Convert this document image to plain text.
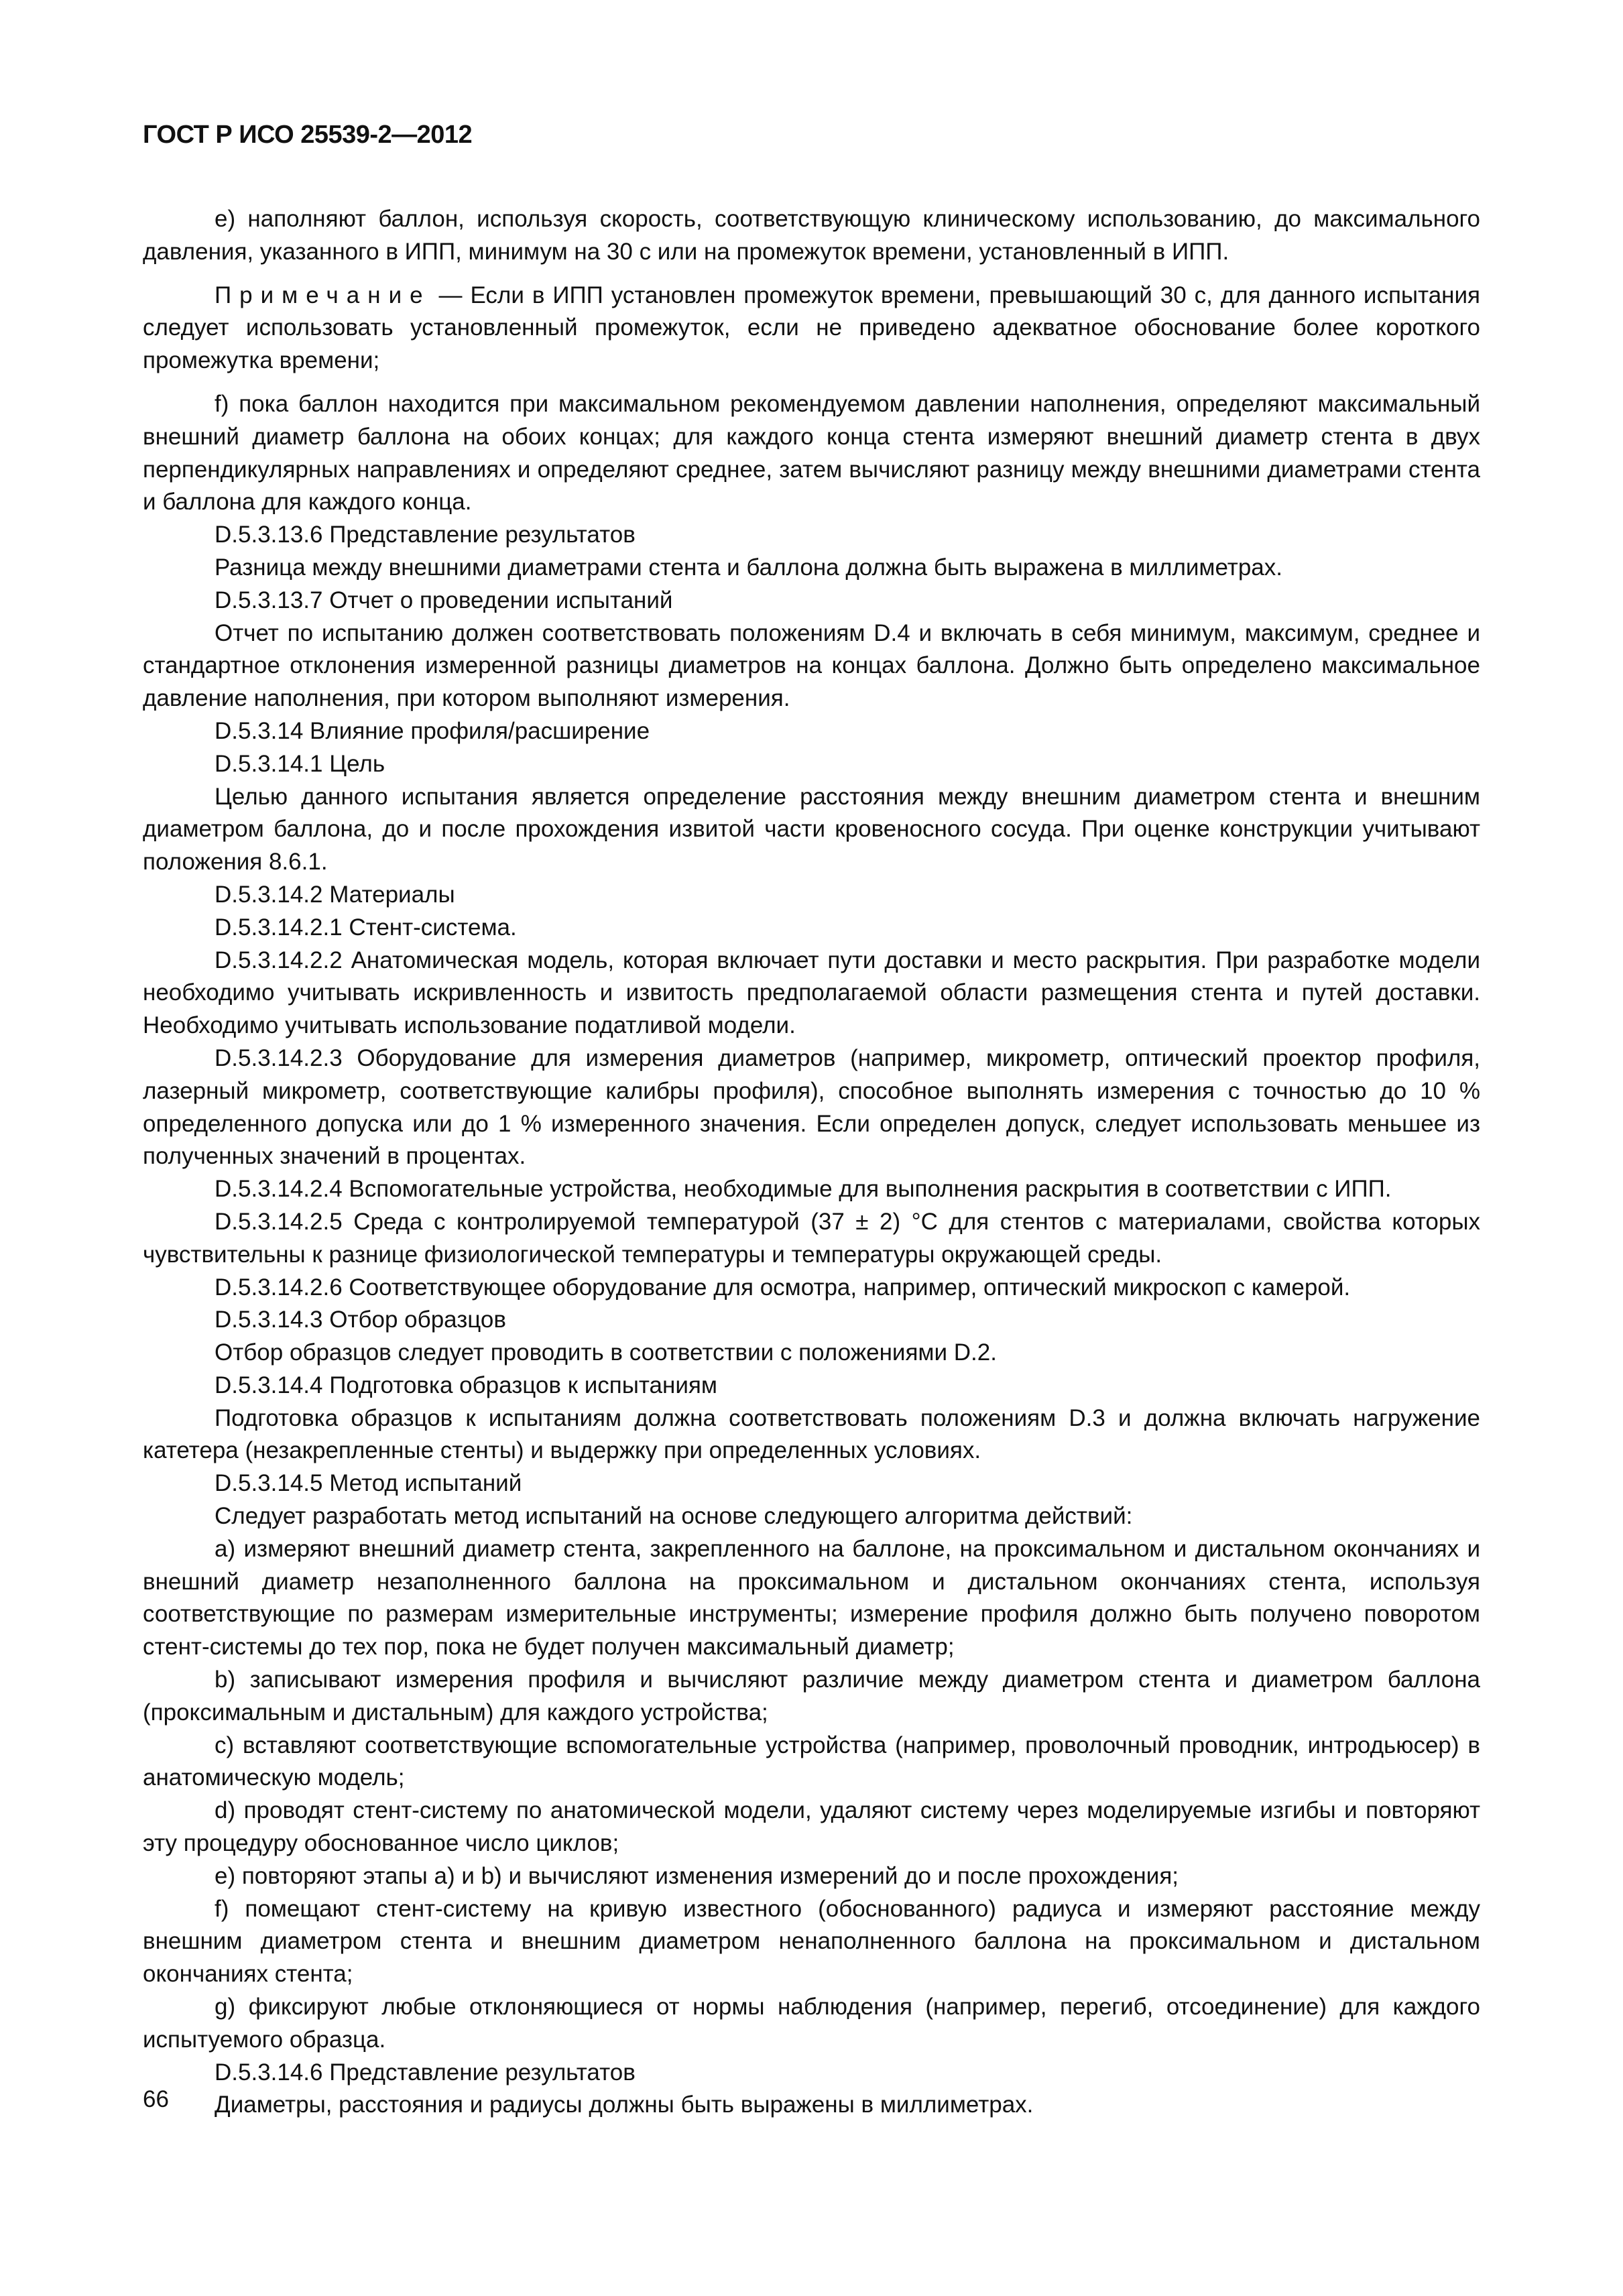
ГОСТ Р ИСО 25539-2—2012

е) наполняют баллон, используя скорость, соответствующую клиническому использованию, до максимального давления, указанного в ИПП, минимум на 30 с или на промежуток времени, установленный в ИПП.

Примечание — Если в ИПП установлен промежуток времени, превышающий 30 с, для данного испытания следует использовать установленный промежуток, если не приведено адекватное обоснование более короткого промежутка времени;

f) пока баллон находится при максимальном рекомендуемом давлении наполнения, определяют максимальный внешний диаметр баллона на обоих концах; для каждого конца стента измеряют внешний диаметр стента в двух перпендикулярных направлениях и определяют среднее, затем вычисляют разницу между внешними диаметрами стента и баллона для каждого конца.

D.5.3.13.6 Представление результатов

Разница между внешними диаметрами стента и баллона должна быть выражена в миллиметрах.

D.5.3.13.7 Отчет о проведении испытаний

Отчет по испытанию должен соответствовать положениям D.4 и включать в себя минимум, максимум, среднее и стандартное отклонения измеренной разницы диаметров на концах баллона. Должно быть определено максимальное давление наполнения, при котором выполняют измерения.

D.5.3.14 Влияние профиля/расширение

D.5.3.14.1 Цель

Целью данного испытания является определение расстояния между внешним диаметром стента и внешним диаметром баллона, до и после прохождения извитой части кровеносного сосуда. При оценке конструкции учитывают положения 8.6.1.

D.5.3.14.2 Материалы

D.5.3.14.2.1 Стент-система.

D.5.3.14.2.2 Анатомическая модель, которая включает пути доставки и место раскрытия. При разработке модели необходимо учитывать искривленность и извитость предполагаемой области размещения стента и путей доставки. Необходимо учитывать использование податливой модели.

D.5.3.14.2.3 Оборудование для измерения диаметров (например, микрометр, оптический проектор профиля, лазерный микрометр, соответствующие калибры профиля), способное выполнять измерения с точностью до 10 % определенного допуска или до 1 % измеренного значения. Если определен допуск, следует использовать меньшее из полученных значений в процентах.

D.5.3.14.2.4 Вспомогательные устройства, необходимые для выполнения раскрытия в соответствии с ИПП.

D.5.3.14.2.5 Среда с контролируемой температурой (37 ± 2) °С для стентов с материалами, свойства которых чувствительны к разнице физиологической температуры и температуры окружающей среды.

D.5.3.14.2.6 Соответствующее оборудование для осмотра, например, оптический микроскоп с камерой.

D.5.3.14.3 Отбор образцов

Отбор образцов следует проводить в соответствии с положениями D.2.

D.5.3.14.4 Подготовка образцов к испытаниям

Подготовка образцов к испытаниям должна соответствовать положениям D.3 и должна включать нагружение катетера (незакрепленные стенты) и выдержку при определенных условиях.

D.5.3.14.5 Метод испытаний

Следует разработать метод испытаний на основе следующего алгоритма действий:

а) измеряют внешний диаметр стента, закрепленного на баллоне, на проксимальном и дистальном окончаниях и внешний диаметр незаполненного баллона на проксимальном и дистальном окончаниях стента, используя соответствующие по размерам измерительные инструменты; измерение профиля должно быть получено поворотом стент-системы до тех пор, пока не будет получен максимальный диаметр;

b) записывают измерения профиля и вычисляют различие между диаметром стента и диаметром баллона (проксимальным и дистальным) для каждого устройства;

с) вставляют соответствующие вспомогательные устройства (например, проволочный проводник, интродьюсер) в анатомическую модель;

d) проводят стент-систему по анатомической модели, удаляют систему через моделируемые изгибы и повторяют эту процедуру обоснованное число циклов;

е) повторяют этапы а) и b) и вычисляют изменения измерений до и после прохождения;

f) помещают стент-систему на кривую известного (обоснованного) радиуса и измеряют расстояние между внешним диаметром стента и внешним диаметром ненаполненного баллона на проксимальном и дистальном окончаниях стента;

g) фиксируют любые отклоняющиеся от нормы наблюдения (например, перегиб, отсоединение) для каждого испытуемого образца.

D.5.3.14.6 Представление результатов

Диаметры, расстояния и радиусы должны быть выражены в миллиметрах.

66
